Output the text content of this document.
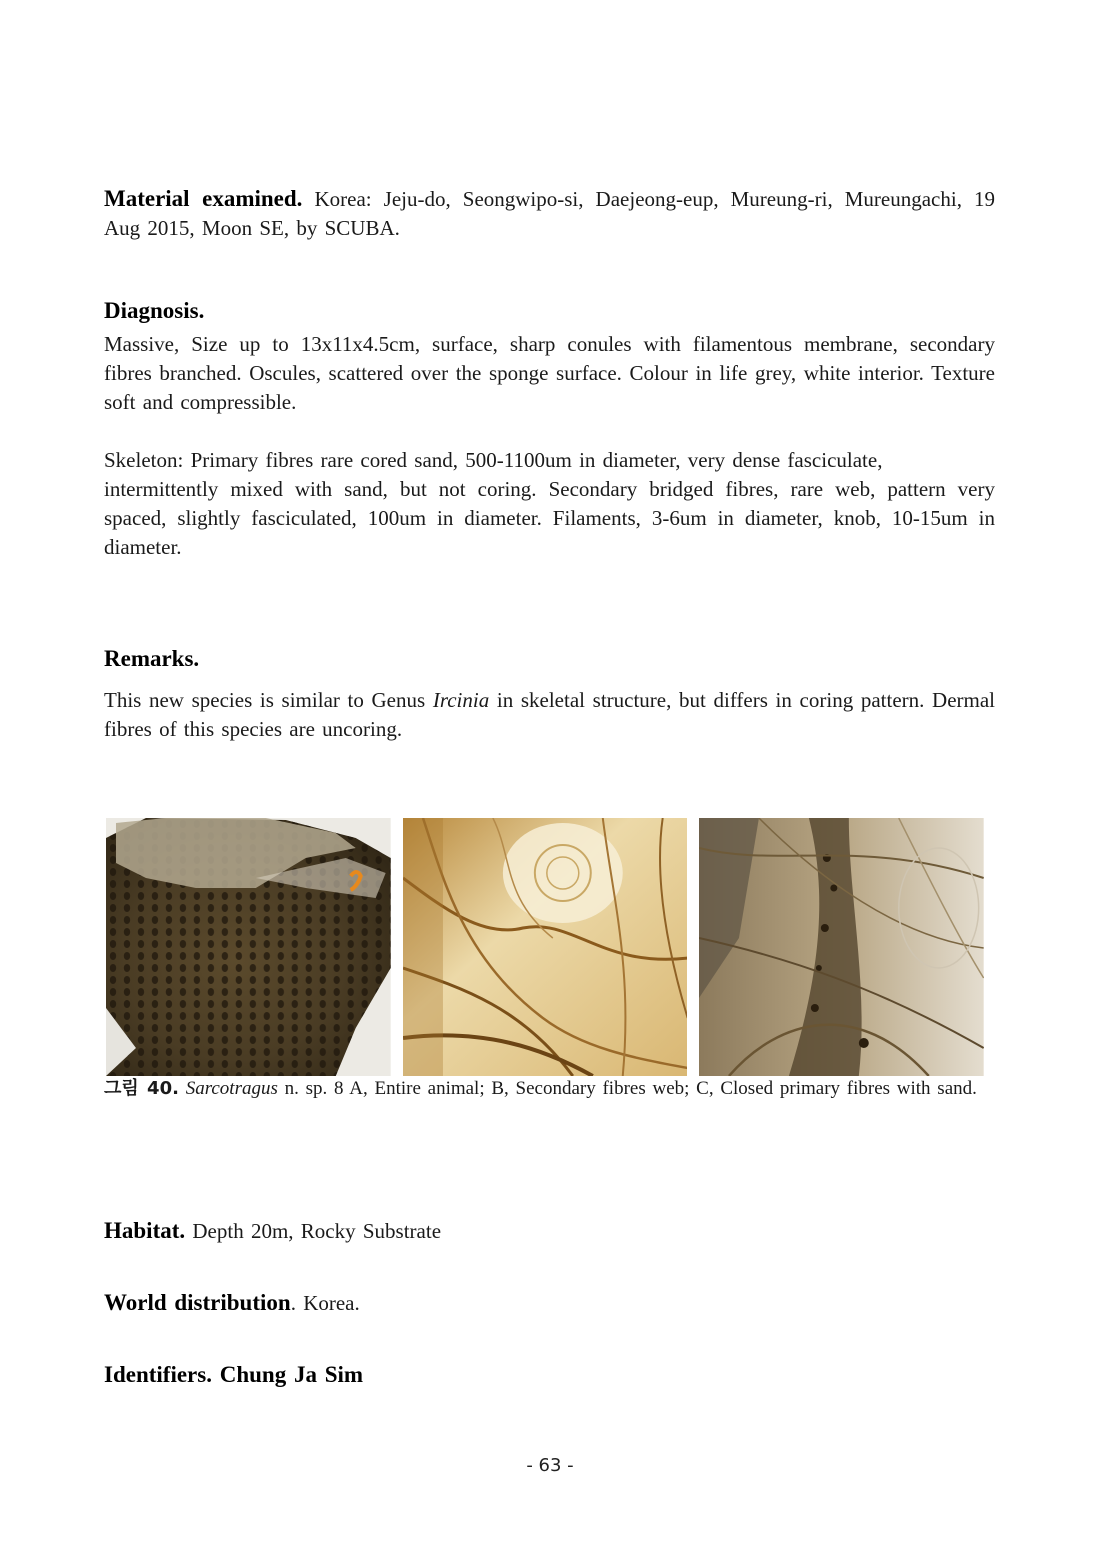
Material examined. Korea: Jeju-do, Seongwipo-si, Daejeong-eup, Mureung-ri, Mureungachi, 19 Aug 2015, Moon SE, by SCUBA.

Diagnosis.

Massive, Size up to 13x11x4.5cm, surface, sharp conules with filamentous membrane, secondary fibres branched. Oscules, scattered over the sponge surface. Colour in life grey, white interior. Texture soft and compressible.

Skeleton: Primary fibres rare cored sand, 500-1100um in diameter, very dense fasciculate,

intermittently mixed with sand, but not coring. Secondary bridged fibres, rare web, pattern very spaced, slightly fasciculated, 100um in diameter. Filaments, 3-6um in diameter, knob, 10-15um in diameter.

Remarks.

This new species is similar to Genus Ircinia in skeletal structure, but differs in coring pattern. Dermal fibres of this species are uncoring.

그림 40. Sarcotragus n. sp. 8 A, Entire animal; B, Secondary fibres web; C, Closed primary fibres with sand.

Habitat. Depth 20m, Rocky Substrate

World distribution. Korea.

Identifiers. Chung Ja Sim

- 63 -
